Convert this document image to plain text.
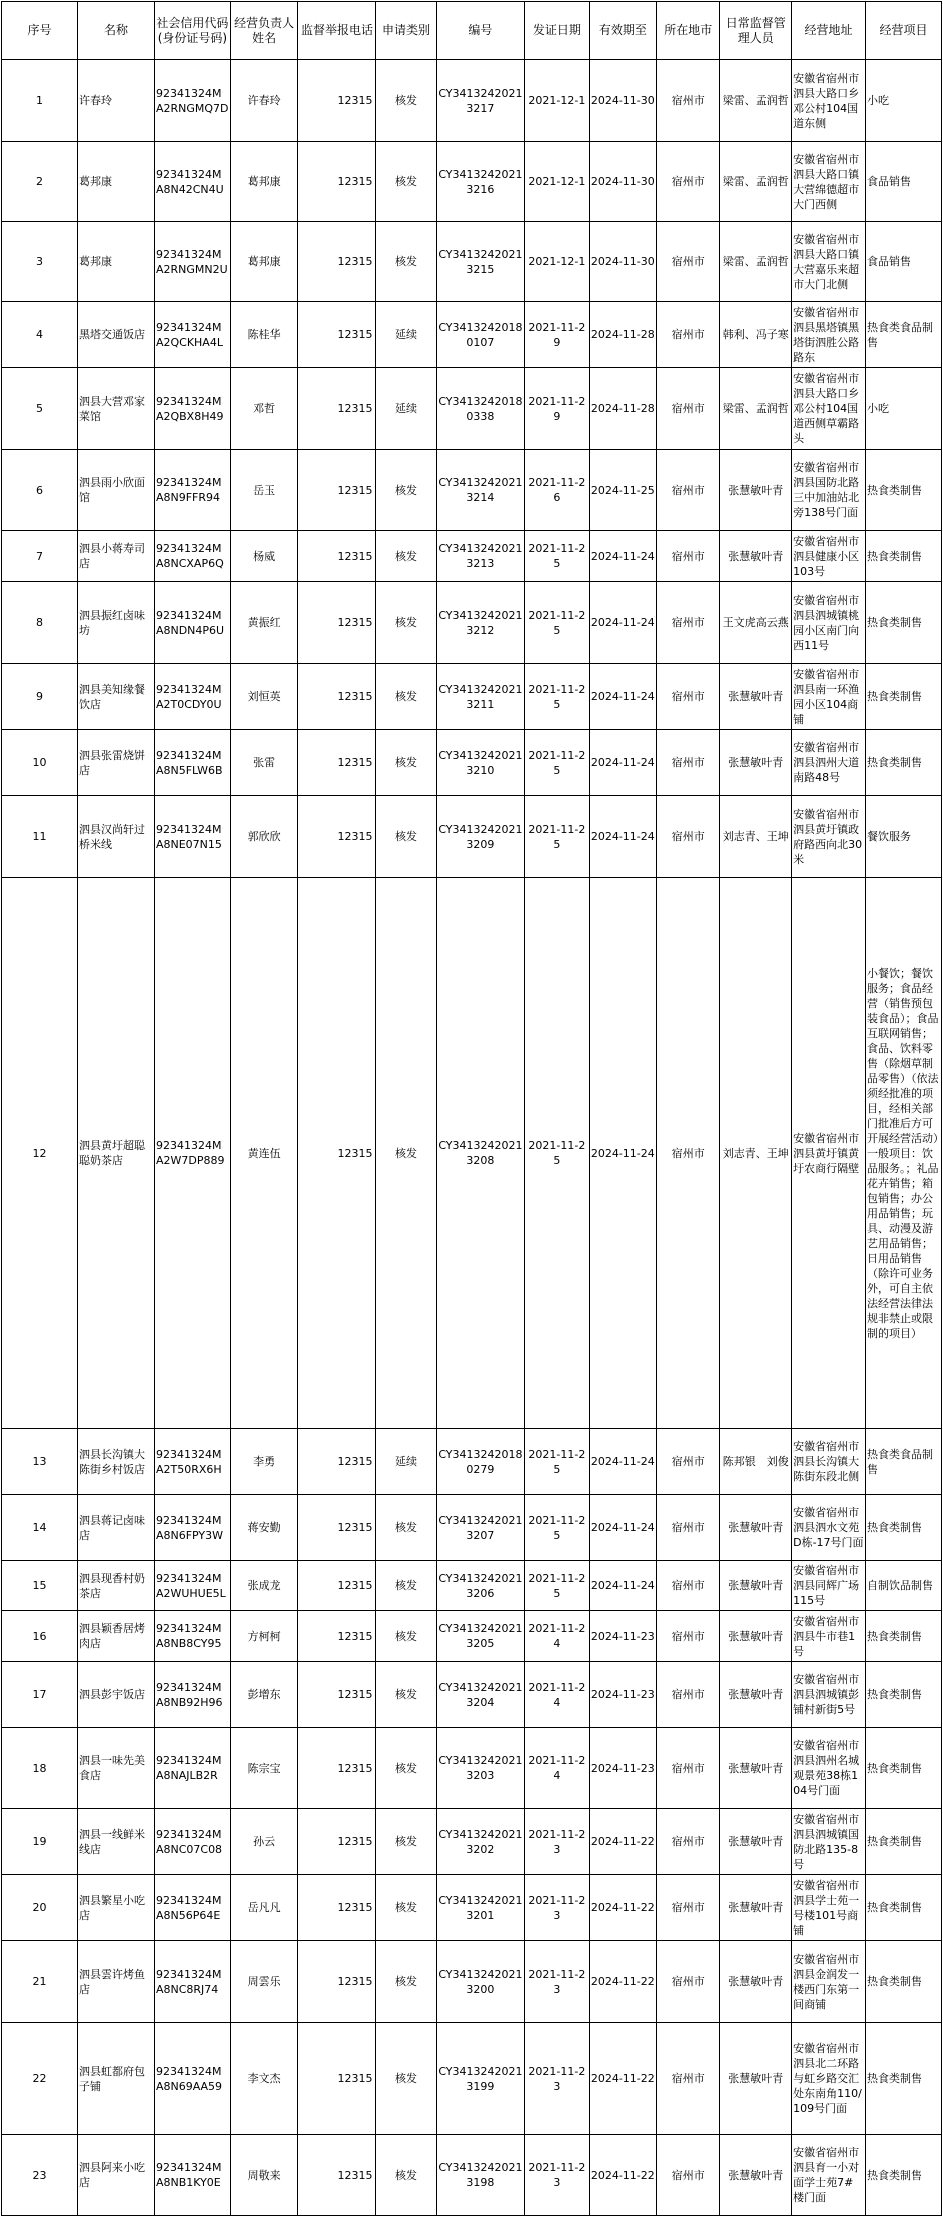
序号	名称	社会信用代码(身份证号码)	经营负责人姓名	监督举报电话	申请类别	编号	发证日期	有效期至	所在地市	日常监督管理人员	经营地址	经营项目
1	许春玲	92341324MA2RNGMQ7D	许春玲	12315	核发	CY34132420213217	2021-12-1	2024-11-30	宿州市	梁雷、孟润哲	安徽省宿州市泗县大路口乡邓公村104国道东侧	小吃
2	葛邦康	92341324MA8N42CN4U	葛邦康	12315	核发	CY34132420213216	2021-12-1	2024-11-30	宿州市	梁雷、孟润哲	安徽省宿州市泗县大路口镇大营绵德超市大门西侧	食品销售
3	葛邦康	92341324MA2RNGMN2U	葛邦康	12315	核发	CY34132420213215	2021-12-1	2024-11-30	宿州市	梁雷、孟润哲	安徽省宿州市泗县大路口镇大营嘉乐来超市大门北侧	食品销售
4	黑塔交通饭店	92341324MA2QCKHA4L	陈桂华	12315	延续	CY34132420180107	2021-11-29	2024-11-28	宿州市	韩利、冯子寒	安徽省宿州市泗县黑塔镇黑塔街泗胜公路路东	热食类食品制售
5	泗县大营邓家菜馆	92341324MA2QBX8H49	邓哲	12315	延续	CY34132420180338	2021-11-29	2024-11-28	宿州市	梁雷、孟润哲	安徽省宿州市泗县大路口乡邓公村104国道西侧草霸路头	小吃
6	泗县雨小欣面馆	92341324MA8N9FFR94	岳玉	12315	核发	CY34132420213214	2021-11-26	2024-11-25	宿州市	张慧敏叶青	安徽省宿州市泗县国防北路三中加油站北旁138号门面	热食类制售
7	泗县小蒋寿司店	92341324MA8NCXAP6Q	杨威	12315	核发	CY34132420213213	2021-11-25	2024-11-24	宿州市	张慧敏叶青	安徽省宿州市泗县健康小区103号	热食类制售
8	泗县振红卤味坊	92341324MA8NDN4P6U	黄振红	12315	核发	CY34132420213212	2021-11-25	2024-11-24	宿州市	王文虎高云燕	安徽省宿州市泗县泗城镇桃园小区南门向西11号	热食类制售
9	泗县美知缘餐饮店	92341324MA2T0CDY0U	刘恒英	12315	核发	CY34132420213211	2021-11-25	2024-11-24	宿州市	张慧敏叶青	安徽省宿州市泗县南一环渔园小区104商铺	热食类制售
10	泗县张雷烧饼店	92341324MA8N5FLW6B	张雷	12315	核发	CY34132420213210	2021-11-25	2024-11-24	宿州市	张慧敏叶青	安徽省宿州市泗县泗州大道南路48号	热食类制售
11	泗县汉尚轩过桥米线	92341324MA8NE07N15	郭欣欣	12315	核发	CY34132420213209	2021-11-25	2024-11-24	宿州市	刘志青、王坤	安徽省宿州市泗县黄圩镇政府路西向北30米	餐饮服务
12	泗县黄圩超聪聪奶茶店	92341324MA2W7DP889	黄连伍	12315	核发	CY34132420213208	2021-11-25	2024-11-24	宿州市	刘志青、王坤	安徽省宿州市泗县黄圩镇黄圩农商行隔壁	小餐饮；餐饮服务；食品经营（销售预包装食品）；食品互联网销售；食品、饮料零售（除烟草制品零售）（依法须经批准的项目，经相关部门批准后方可开展经营活动）一般项目：饮品服务。；礼品花卉销售；箱包销售；办公用品销售；玩具、动漫及游艺用品销售；日用品销售（除许可业务外，可自主依法经营法律法规非禁止或限制的项目）
13	泗县长沟镇大陈街乡村饭店	92341324MA2T50RX6H	李勇	12315	延续	CY34132420180279	2021-11-25	2024-11-24	宿州市	陈邦银　刘俊	安徽省宿州市泗县长沟镇大陈街东段北侧	热食类食品制售
14	泗县蒋记卤味店	92341324MA8N6FPY3W	蒋安勤	12315	核发	CY34132420213207	2021-11-25	2024-11-24	宿州市	张慧敏叶青	安徽省宿州市泗县泗水文苑D栋-17号门面	热食类制售
15	泗县现香村奶茶店	92341324MA2WUHUE5L	张成龙	12315	核发	CY34132420213206	2021-11-25	2024-11-24	宿州市	张慧敏叶青	安徽省宿州市泗县同辉广场115号	自制饮品制售
16	泗县颖香居烤肉店	92341324MA8NB8CY95	方柯柯	12315	核发	CY34132420213205	2021-11-24	2024-11-23	宿州市	张慧敏叶青	安徽省宿州市泗县牛市巷1号	热食类制售
17	泗县彭宇饭店	92341324MA8NB92H96	彭增东	12315	核发	CY34132420213204	2021-11-24	2024-11-23	宿州市	张慧敏叶青	安徽省宿州市泗县泗城镇彭铺村新街5号	热食类制售
18	泗县一味先美食店	92341324MA8NAJLB2R	陈宗宝	12315	核发	CY34132420213203	2021-11-24	2024-11-23	宿州市	张慧敏叶青	安徽省宿州市泗县泗州名城观景苑38栋104号门面	热食类制售
19	泗县一线鲜米线店	92341324MA8NC07C08	孙云	12315	核发	CY34132420213202	2021-11-23	2024-11-22	宿州市	张慧敏叶青	安徽省宿州市泗县泗城镇国防北路135-8号	热食类制售
20	泗县繁星小吃店	92341324MA8N56P64E	岳凡凡	12315	核发	CY34132420213201	2021-11-23	2024-11-22	宿州市	张慧敏叶青	安徽省宿州市泗县学士苑一号楼101号商铺	热食类制售
21	泗县雲许烤鱼店	92341324MA8NC8RJ74	周雲乐	12315	核发	CY34132420213200	2021-11-23	2024-11-22	宿州市	张慧敏叶青	安徽省宿州市泗县金润发一楼西门东第一间商铺	热食类制售
22	泗县虹都府包子铺	92341324MA8N69AA59	李文杰	12315	核发	CY34132420213199	2021-11-23	2024-11-22	宿州市	张慧敏叶青	安徽省宿州市泗县北二环路与虹乡路交汇处东南角110/109号门面	热食类制售
23	泗县阿来小吃店	92341324MA8NB1KY0E	周敬来	12315	核发	CY34132420213198	2021-11-23	2024-11-22	宿州市	张慧敏叶青	安徽省宿州市泗县育一小对面学士苑7#楼门面	热食类制售
